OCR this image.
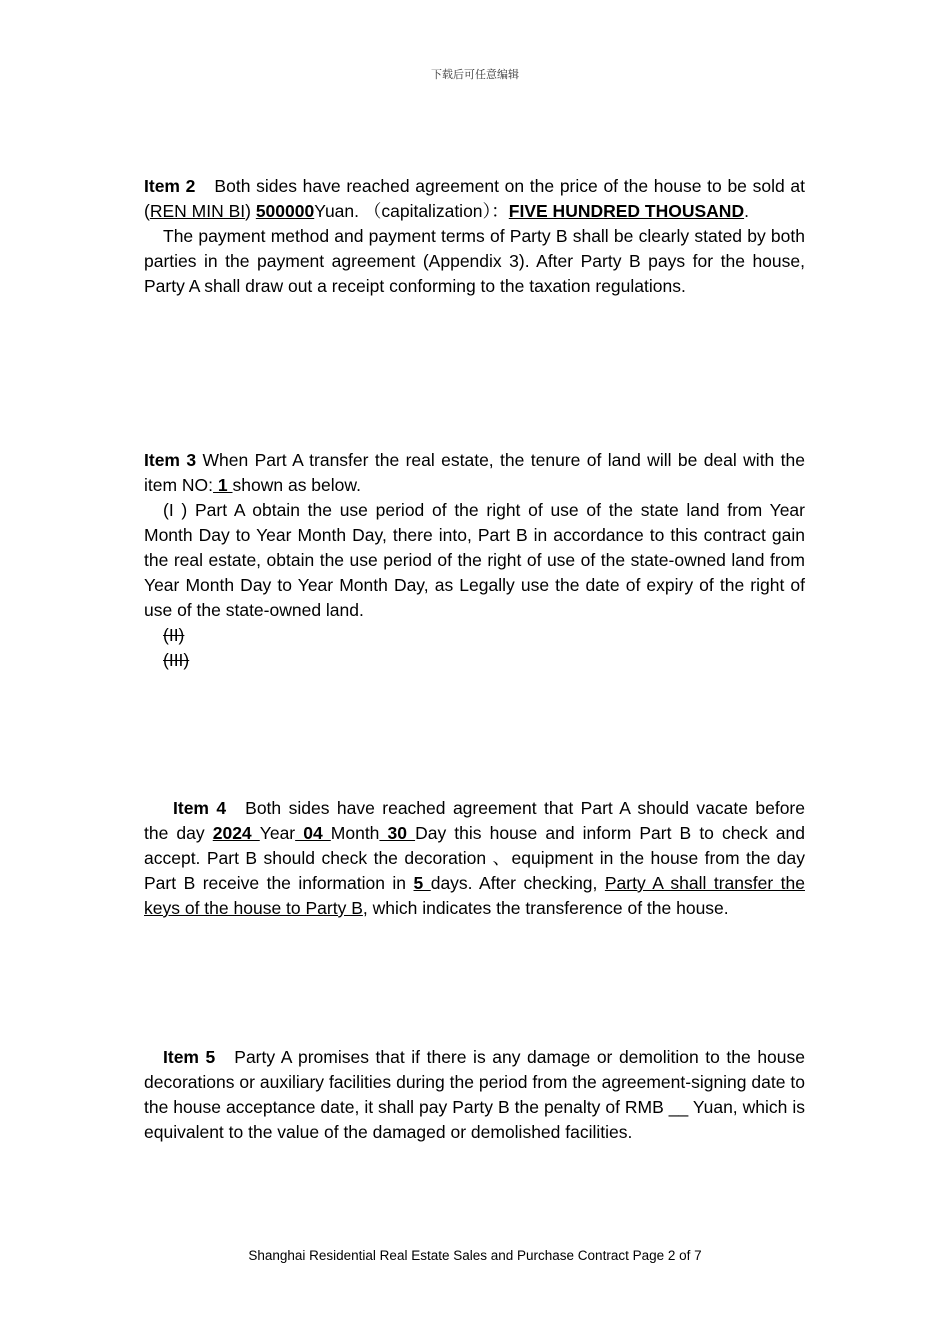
下载后可任意编辑

Item 2 Both sides have reached agreement on the price of the house to be sold at (REN MIN BI) 500000Yuan. （capitalization）：FIVE HUNDRED THOUSAND.

The payment method and payment terms of Party B shall be clearly stated by both parties in the payment agreement (Appendix 3). After Party B pays for the house, Party A shall draw out a receipt conforming to the taxation regulations.

Item 3 When Part A transfer the real estate, the tenure of land will be deal with the item NO: 1 shown as below.

(I ) Part A obtain the use period of the right of use of the state land from Year Month Day to Year Month Day, there into, Part B in accordance to this contract gain the real estate, obtain the use period of the right of use of the state-owned land from Year Month Day to Year Month Day, as Legally use the date of expiry of the right of use of the state-owned land.

(II)

(III)

Item 4 Both sides have reached agreement that Part A should vacate before the day 2024 Year 04 Month 30 Day this house and inform Part B to check and accept. Part B should check the decoration 、equipment in the house from the day Part B receive the information in 5 days. After checking, Party A shall transfer the keys of the house to Party B, which indicates the transference of the house.

Item 5 Party A promises that if there is any damage or demolition to the house decorations or auxiliary facilities during the period from the agreement-signing date to the house acceptance date, it shall pay Party B the penalty of RMB __ Yuan, which is equivalent to the value of the damaged or demolished facilities.

Shanghai Residential Real Estate Sales and Purchase Contract Page 2 of 7
